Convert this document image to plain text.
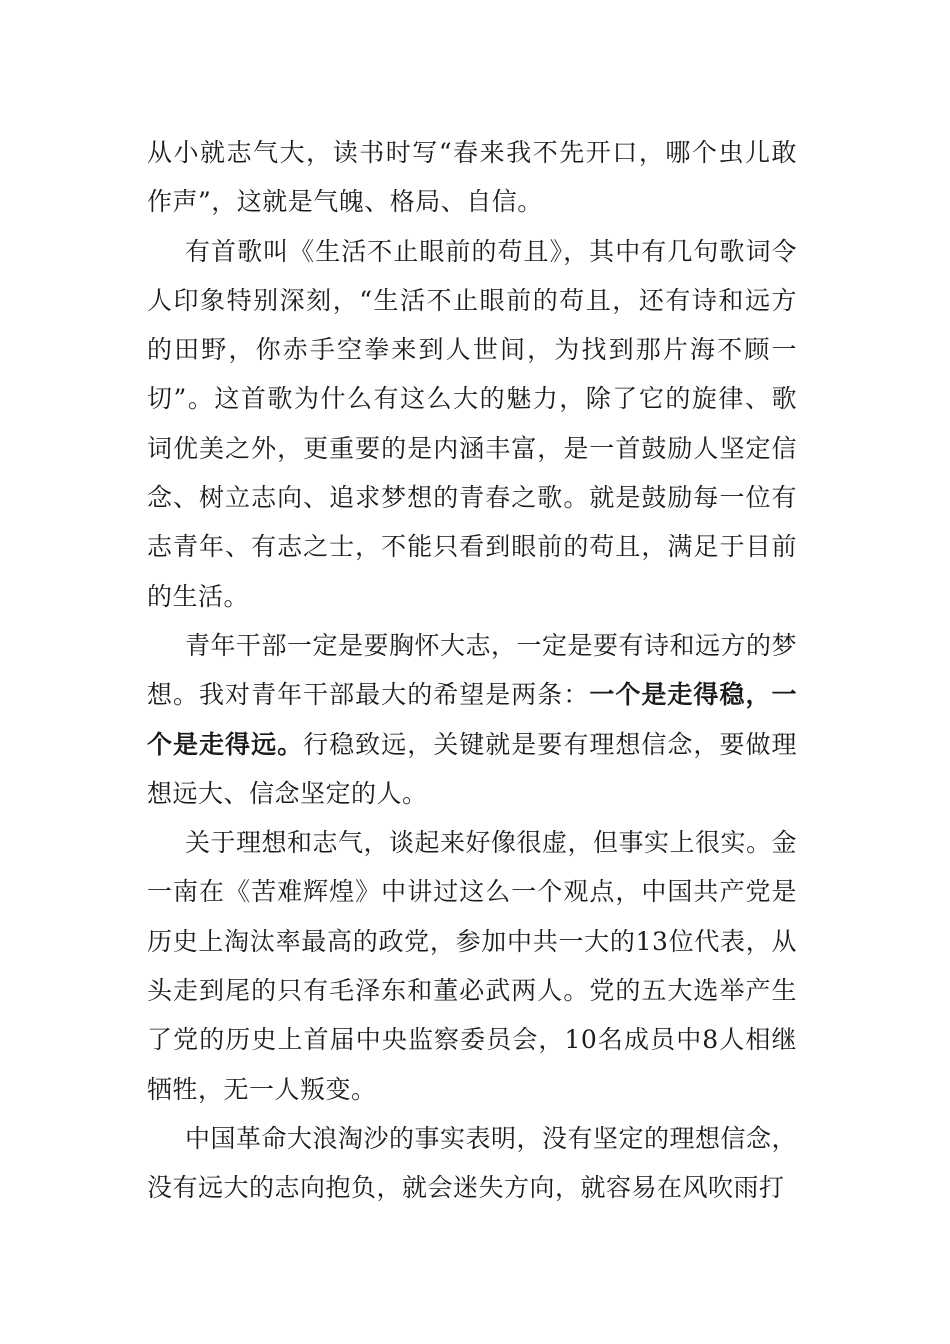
从小就志气大，读书时写“春来我不先开口，哪个虫儿敢作声”，这就是气魄、格局、自信。

有首歌叫《生活不止眼前的苟且》，其中有几句歌词令人印象特别深刻，“生活不止眼前的苟且，还有诗和远方的田野，你赤手空拳来到人世间，为找到那片海不顾一切”。这首歌为什么有这么大的魅力，除了它的旋律、歌词优美之外，更重要的是内涵丰富，是一首鼓励人坚定信念、树立志向、追求梦想的青春之歌。就是鼓励每一位有志青年、有志之士，不能只看到眼前的苟且，满足于目前的生活。

青年干部一定是要胸怀大志，一定是要有诗和远方的梦想。我对青年干部最大的希望是两条：一个是走得稳，一个是走得远。行稳致远，关键就是要有理想信念，要做理想远大、信念坚定的人。

关于理想和志气，谈起来好像很虚，但事实上很实。金一南在《苦难辉煌》中讲过这么一个观点，中国共产党是历史上淘汰率最高的政党，参加中共一大的13位代表，从头走到尾的只有毛泽东和董必武两人。党的五大选举产生了党的历史上首届中央监察委员会，10名成员中8人相继牺牲，无一人叛变。

中国革命大浪淘沙的事实表明，没有坚定的理想信念，没有远大的志向抱负，就会迷失方向，就容易在风吹雨打
